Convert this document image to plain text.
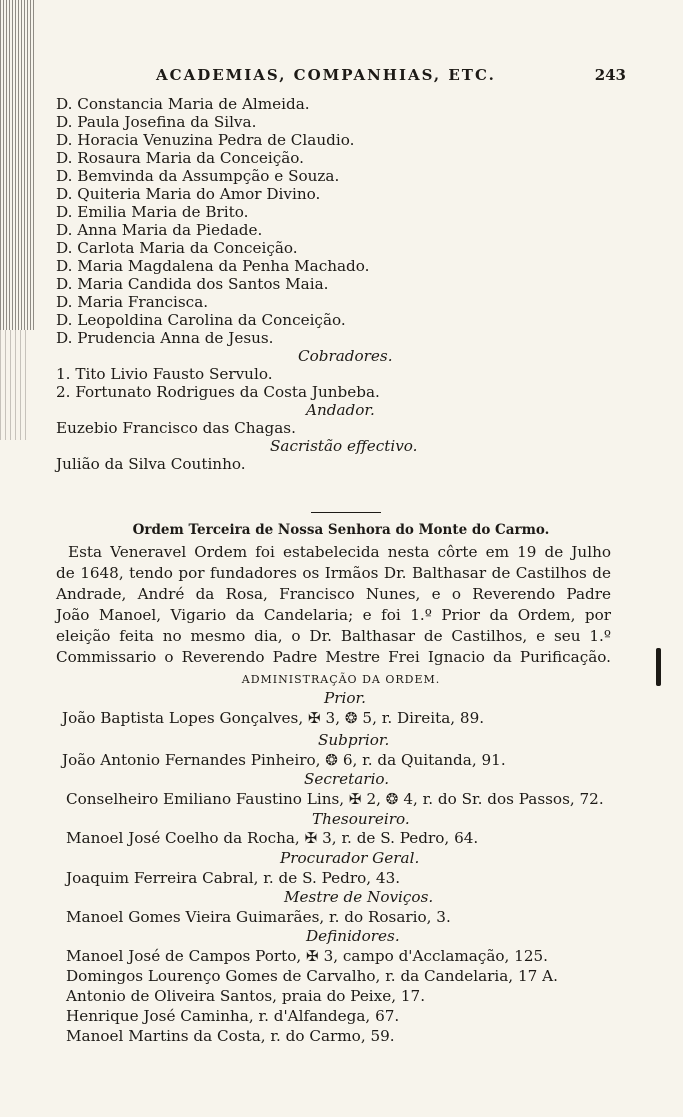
ACADEMIAS, COMPANHIAS, ETC.	243
D. Constancia Maria de Almeida.
D. Paula Josefina da Silva.
D. Horacia Venuzina Pedra de Claudio.
D. Rosaura Maria da Conceição.
D. Bemvinda da Assumpção e Souza.
D. Quiteria Maria do Amor Divino.
D. Emilia Maria de Brito.
D. Anna Maria da Piedade.
D. Carlota Maria da Conceição.
D. Maria Magdalena da Penha Machado.
D. Maria Candida dos Santos Maia.
D. Maria Francisca.
D. Leopoldina Carolina da Conceição.
D. Prudencia Anna de Jesus.
Cobradores.
1. Tito Livio Fausto Servulo.
2. Fortunato Rodrigues da Costa Junbeba.
Andador.
Euzebio Francisco das Chagas.
Sacristão effectivo.
Julião da Silva Coutinho.
Ordem Terceira de Nossa Senhora do Monte do Carmo.
Esta Veneravel Ordem foi estabelecida nesta côrte em 19 de Julho
de 1648, tendo por fundadores os Irmãos Dr. Balthasar de Castilhos de
Andrade, André da Rosa, Francisco Nunes, e o Reverendo Padre
João Manoel, Vigario da Candelaria; e foi 1.º Prior da Ordem, por
eleição feita no mesmo dia, o Dr. Balthasar de Castilhos, e seu 1.º
Commissario o Reverendo Padre Mestre Frei Ignacio da Purificação.
ADMINISTRAÇÃO DA ORDEM.
Prior.
João Baptista Lopes Gonçalves, ✠ 3, ❂ 5, r. Direita, 89.
Subprior.
João Antonio Fernandes Pinheiro, ❂ 6, r. da Quitanda, 91.
Secretario.
Conselheiro Emiliano Faustino Lins, ✠ 2, ❂ 4, r. do Sr. dos Passos, 72.
Thesoureiro.
Manoel José Coelho da Rocha, ✠ 3, r. de S. Pedro, 64.
Procurador Geral.
Joaquim Ferreira Cabral, r. de S. Pedro, 43.
Mestre de Noviços.
Manoel Gomes Vieira Guimarães, r. do Rosario, 3.
Definidores.
Manoel José de Campos Porto, ✠ 3, campo d'Acclamação, 125.
Domingos Lourenço Gomes de Carvalho, r. da Candelaria, 17 A.
Antonio de Oliveira Santos, praia do Peixe, 17.
Henrique José Caminha, r. d'Alfandega, 67.
Manoel Martins da Costa, r. do Carmo, 59.
